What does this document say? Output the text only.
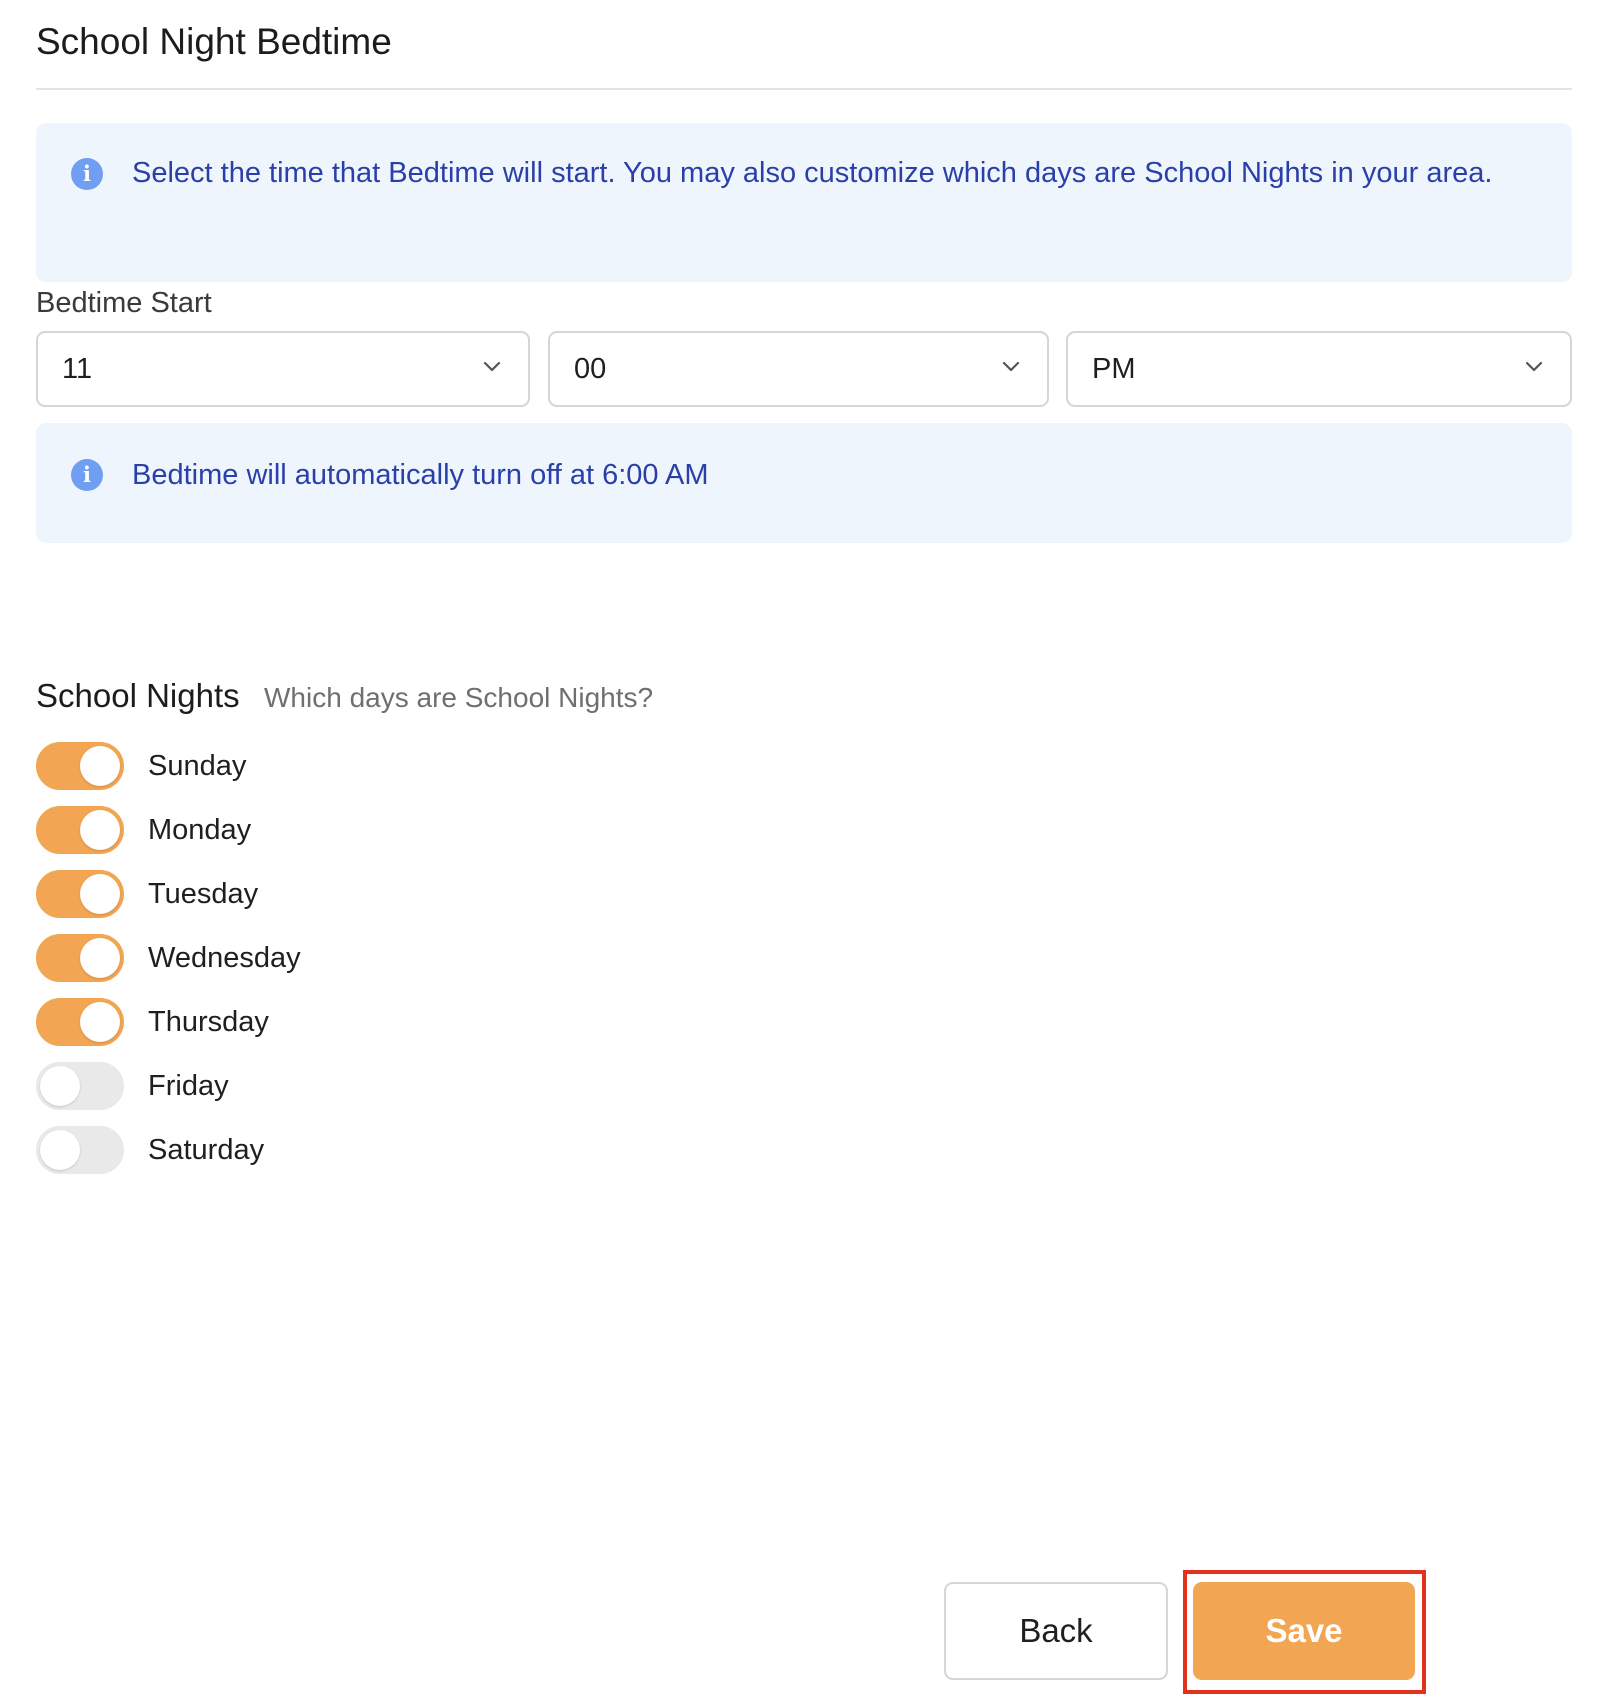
School Night Bedtime
i	Select the time that Bedtime will start. You may also customize which days are School Nights in your area.
Bedtime Start
11	00	PM
i	Bedtime will automatically turn off at 6:00 AM
School Nights Which days are School Nights?
Sunday
Monday
Tuesday
Wednesday
Thursday
Friday
Saturday
Back	Save
